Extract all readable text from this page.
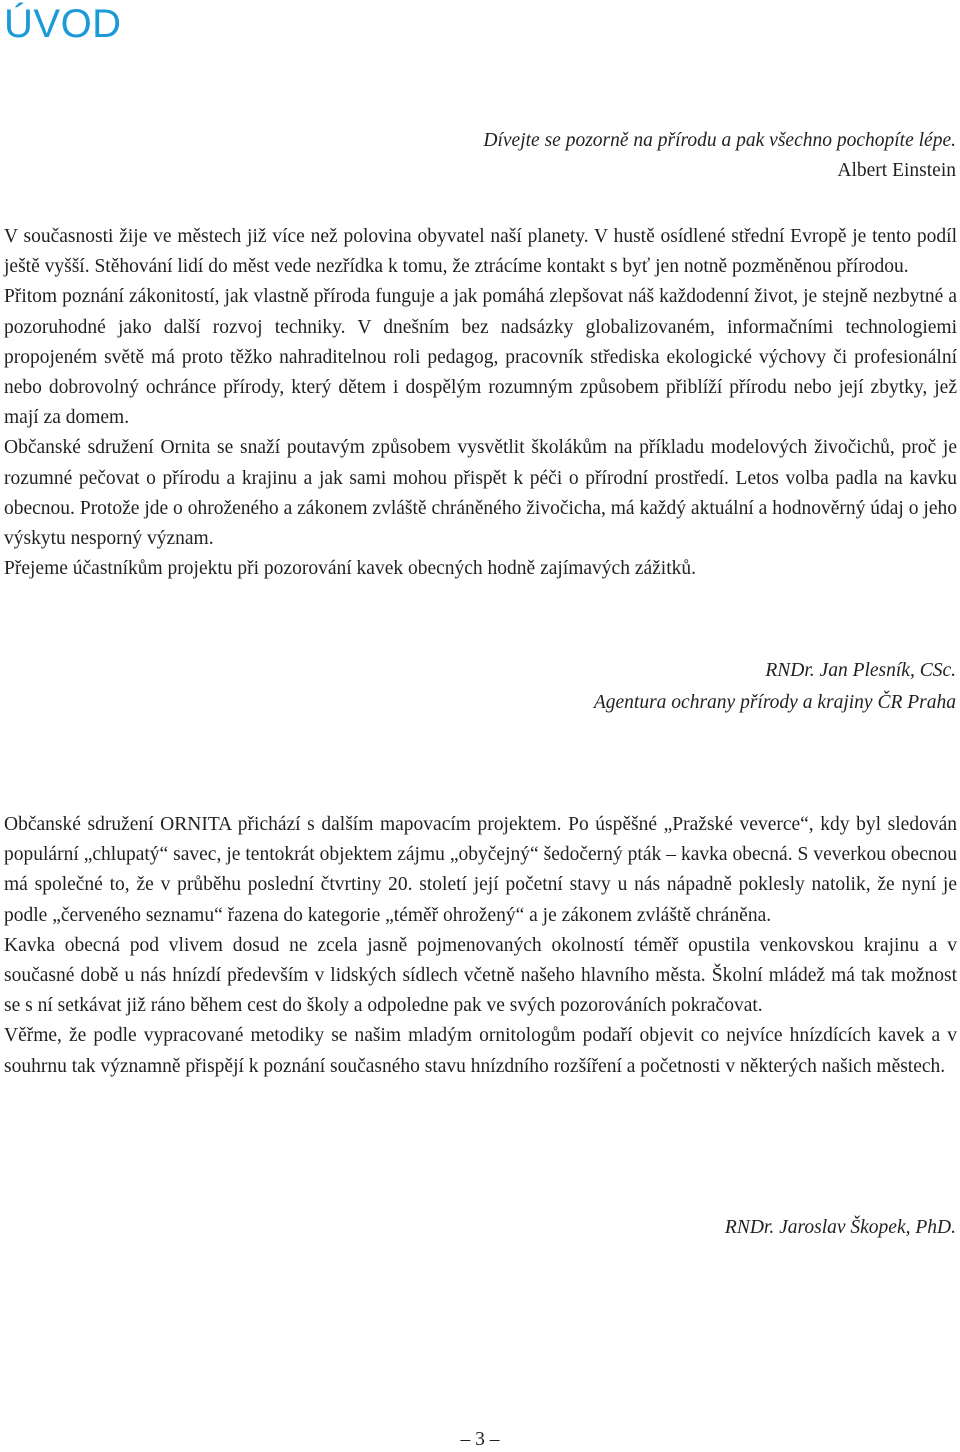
ÚVOD
Dívejte se pozorně na přírodu a pak všechno pochopíte lépe.
Albert Einstein

V současnosti žije ve městech již více než polovina obyvatel naší planety. V hustě osídlené střední Evropě je tento podíl ještě vyšší. Stěhování lidí do měst vede nezřídka k tomu, že ztrácíme kontakt s byť jen notně pozměněnou přírodou.

Přitom poznání zákonitostí, jak vlastně příroda funguje a jak pomáhá zlepšovat náš každodenní život, je stejně nezbytné a pozoruhodné jako další rozvoj techniky. V dnešním bez nadsázky globalizovaném, informačními technologiemi propojeném světě má proto těžko nahraditelnou roli pedagog, pracovník střediska ekologické výchovy či profesionální nebo dobrovolný ochránce přírody, který dětem i dospělým rozumným způsobem přiblíží přírodu nebo její zbytky, jež mají za domem.

Občanské sdružení Ornita se snaží poutavým způsobem vysvětlit školákům na příkladu modelových živočichů, proč je rozumné pečovat o přírodu a krajinu a jak sami mohou přispět k péči o přírodní prostředí. Letos volba padla na kavku obecnou. Protože jde o ohroženého a zákonem zvláště chráněného živočicha, má každý aktuální a hodnověrný údaj o jeho výskytu nesporný význam.

Přejeme účastníkům projektu při pozorování kavek obecných hodně zajímavých zážitků.

RNDr. Jan Plesník, CSc.
Agentura ochrany přírody a krajiny ČR Praha

Občanské sdružení ORNITA přichází s dalším mapovacím projektem. Po úspěšné „Pražské veverce“, kdy byl sledován populární „chlupatý“ savec, je tentokrát objektem zájmu „obyčejný“ šedočerný pták – kavka obecná. S veverkou obecnou má společné to, že v průběhu poslední čtvrtiny 20. století její početní stavy u nás nápadně poklesly natolik, že nyní je podle „červeného seznamu“ řazena do kategorie „téměř ohrožený“ a je zákonem zvláště chráněna.

Kavka obecná pod vlivem dosud ne zcela jasně pojmenovaných okolností téměř opustila venkovskou krajinu a v současné době u nás hnízdí především v lidských sídlech včetně našeho hlavního města. Školní mládež má tak možnost se s ní setkávat již ráno během cest do školy a odpoledne pak ve svých pozorováních pokračovat.

Věřme, že podle vypracované metodiky se našim mladým ornitologům podaří objevit co nejvíce hnízdících kavek a v souhrnu tak významně přispějí k poznání současného stavu hnízdního rozšíření a početnosti v některých našich městech.

RNDr. Jaroslav Škopek, PhD.
– 3 –
